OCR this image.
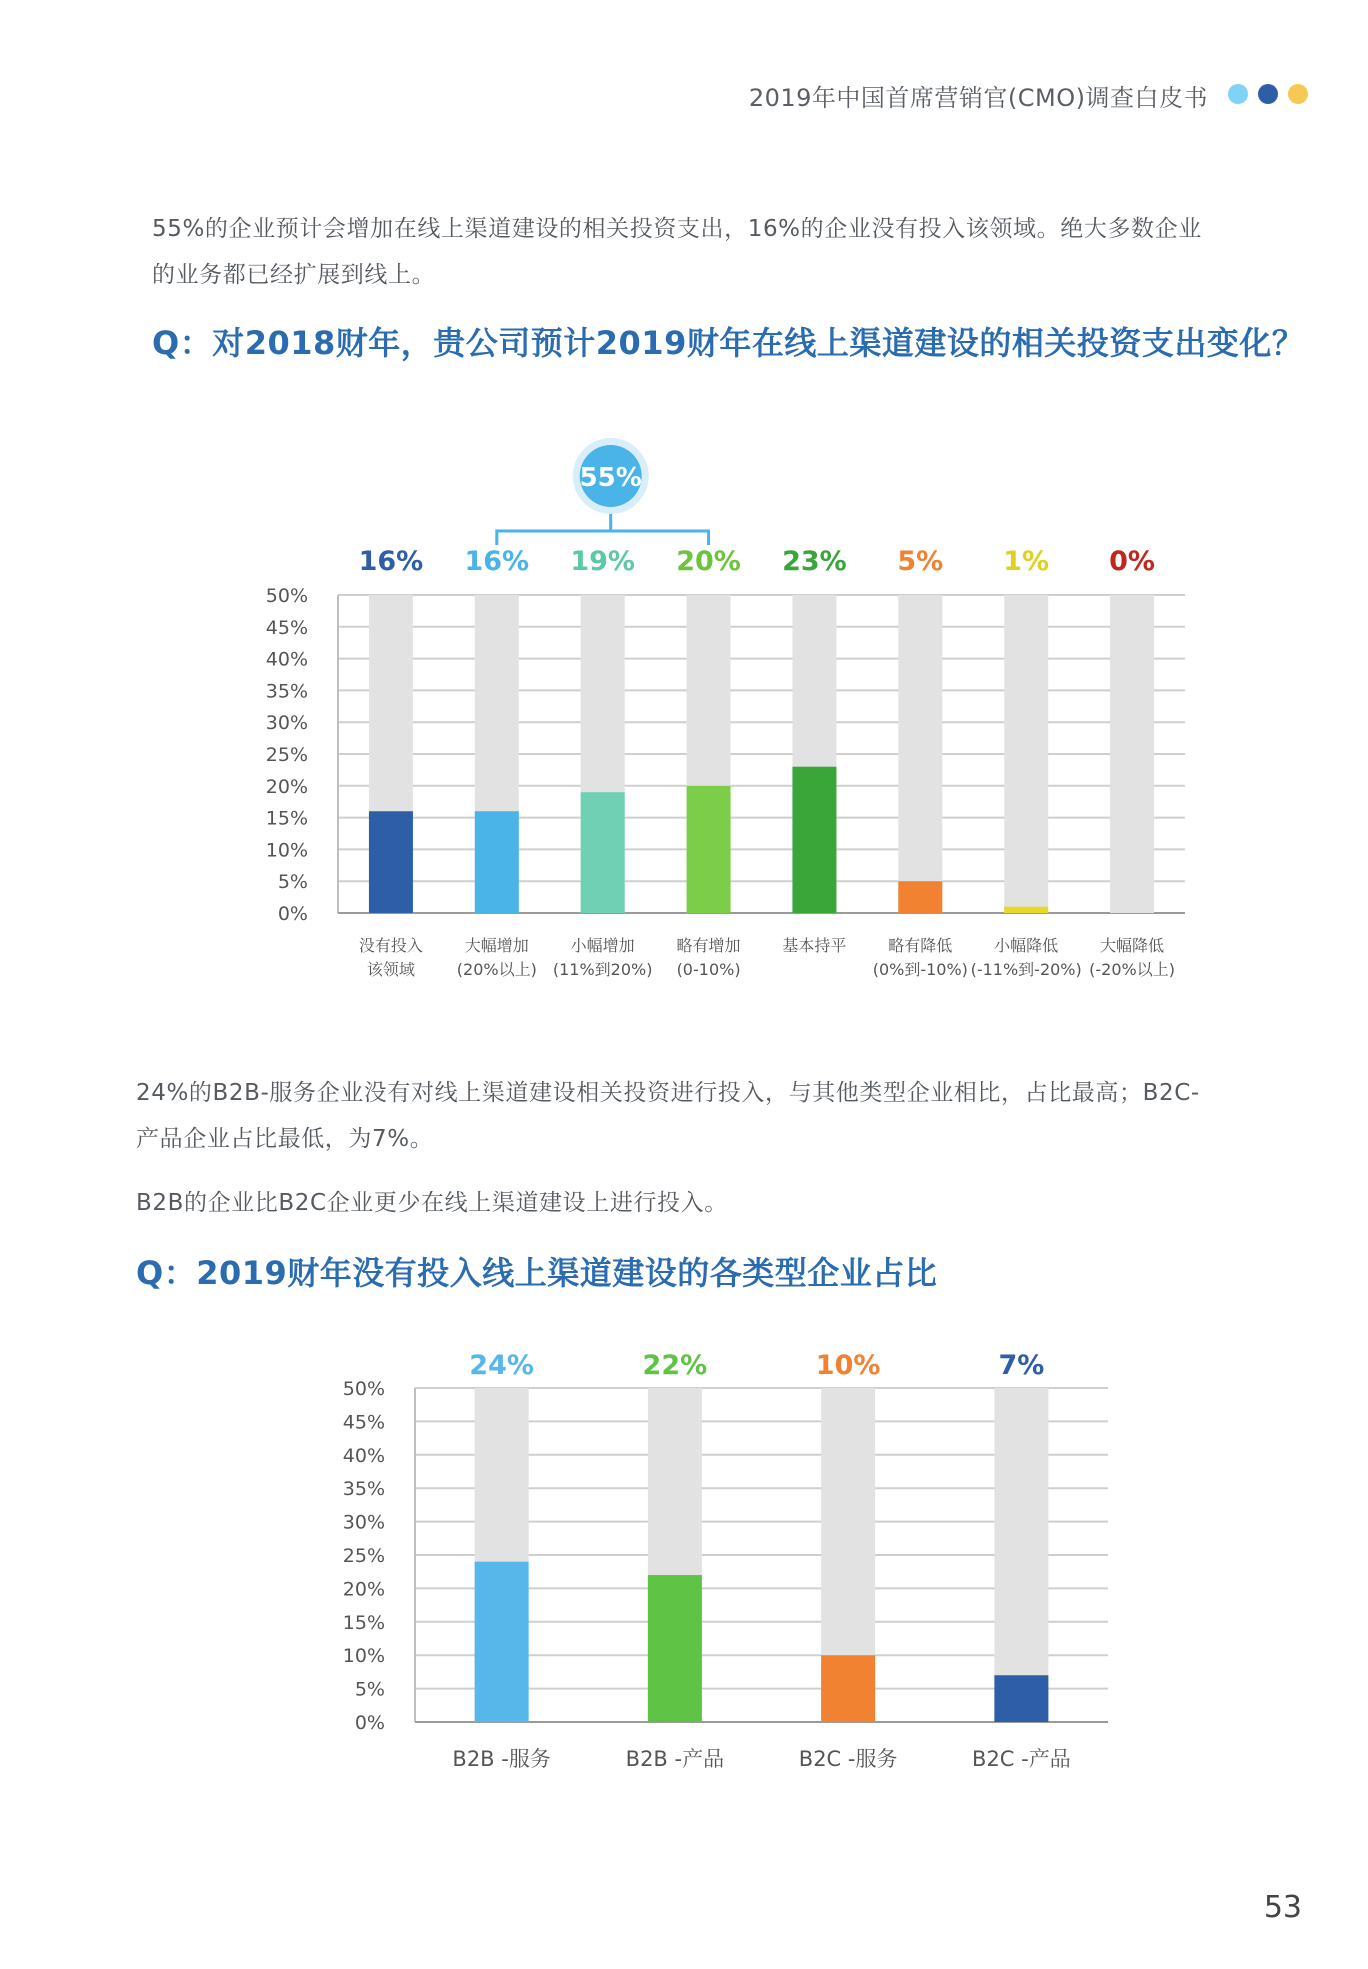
2019年中国首席营销官(CMO)调查白皮书
55%的企业预计会增加在线上渠道建设的相关投资支出，16%的企业没有投入该领域。绝大多数企业
的业务都已经扩展到线上。
Q：对2018财年，贵公司预计2019财年在线上渠道建设的相关投资支出变化？
50%
45%
40%
35%
30%
25%
20%
15%
10%
5%
0%
16%
没有投入
该领域
16%
大幅增加
(20%以上)
19%
小幅增加
(11%到20%)
20%
略有增加
(0-10%)
23%
基本持平
5%
略有降低
(0%到-10%)
1%
小幅降低
(-11%到-20%)
0%
大幅降低
(-20%以上)
55%
24%的B2B-服务企业没有对线上渠道建设相关投资进行投入，与其他类型企业相比，占比最高；B2C-
产品企业占比最低，为7%。
B2B的企业比B2C企业更少在线上渠道建设上进行投入。
Q：2019财年没有投入线上渠道建设的各类型企业占比
50%
45%
40%
35%
30%
25%
20%
15%
10%
5%
0%
24%
B2B -服务
22%
B2B -产品
10%
B2C -服务
7%
B2C -产品
53
